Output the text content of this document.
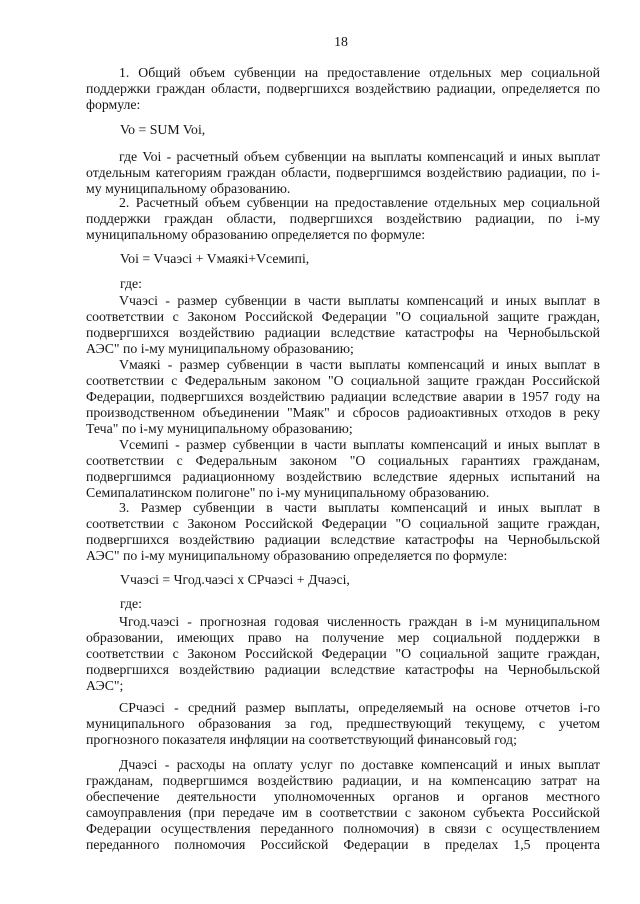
18
1. Общий объем субвенции на предоставление отдельных мер социальной
поддержки граждан области, подвергшихся воздействию радиации, определяется по
формуле:
Vo = SUM Voi,
где Voi - расчетный объем субвенции на выплаты компенсаций и иных выплат
отдельным категориям граждан области, подвергшимся воздействию радиации, по i-
му муниципальному образованию.
2. Расчетный объем субвенции на предоставление отдельных мер социальной
поддержки граждан области, подвергшихся воздействию радиации, по i-му
муниципальному образованию определяется по формуле:
Voi = Vчаэсi + Vмаякi+Vсемипi,
где:
Vчаэсi - размер субвенции в части выплаты компенсаций и иных выплат в
соответствии с Законом Российской Федерации "О социальной защите граждан,
подвергшихся воздействию радиации вследствие катастрофы на Чернобыльской
АЭС" по i-му муниципальному образованию;
Vмаякi - размер субвенции в части выплаты компенсаций и иных выплат в
соответствии с Федеральным законом "О социальной защите граждан Российской
Федерации, подвергшихся воздействию радиации вследствие аварии в 1957 году на
производственном объединении "Маяк" и сбросов радиоактивных отходов в реку
Теча" по i-му муниципальному образованию;
Vсемипi - размер субвенции в части выплаты компенсаций и иных выплат в
соответствии с Федеральным законом "О социальных гарантиях гражданам,
подвергшимся радиационному воздействию вследствие ядерных испытаний на
Семипалатинском полигоне" по i-му муниципальному образованию.
3. Размер субвенции в части выплаты компенсаций и иных выплат в
соответствии с Законом Российской Федерации "О социальной защите граждан,
подвергшихся воздействию радиации вследствие катастрофы на Чернобыльской
АЭС" по i-му муниципальному образованию определяется по формуле:
Vчаэсi = Чгод.чаэсi x СРчаэсi + Дчаэсi,
где:
Чгод.чаэсi - прогнозная годовая численность граждан в i-м муниципальном
образовании, имеющих право на получение мер социальной поддержки в
соответствии с Законом Российской Федерации "О социальной защите граждан,
подвергшихся воздействию радиации вследствие катастрофы на Чернобыльской
АЭС";
СРчаэсi - средний размер выплаты, определяемый на основе отчетов i-го
муниципального образования за год, предшествующий текущему, с учетом
прогнозного показателя инфляции на соответствующий финансовый год;
Дчаэсi - расходы на оплату услуг по доставке компенсаций и иных выплат
гражданам, подвергшимся воздействию радиации, и на компенсацию затрат на
обеспечение деятельности уполномоченных органов и органов местного
самоуправления (при передаче им в соответствии с законом субъекта Российской
Федерации осуществления переданного полномочия) в связи с осуществлением
переданного полномочия Российской Федерации в пределах 1,5 процента
